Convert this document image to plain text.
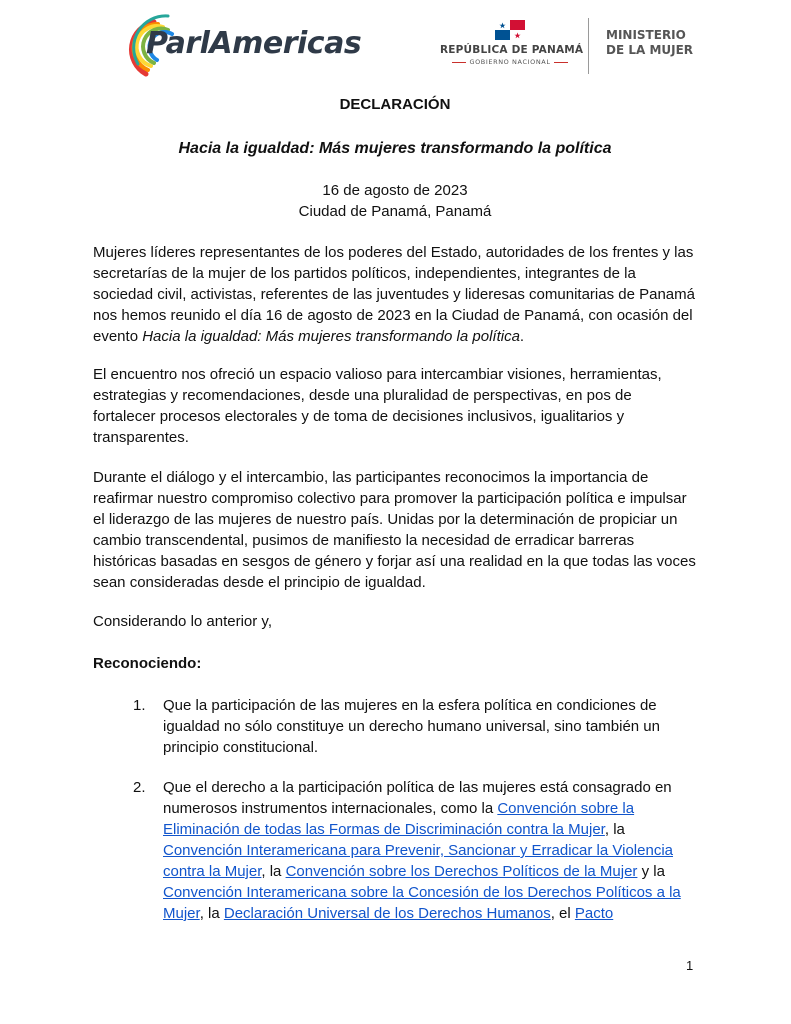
ParlAmericas	REPÚBLICA DE PANAMÁ
GOBIERNO NACIONAL
MINISTERIO
DE LA MUJER
DECLARACIÓN
Hacia la igualdad: Más mujeres transformando la política
16 de agosto de 2023
Ciudad de Panamá, Panamá

Mujeres líderes representantes de los poderes del Estado, autoridades de los frentes y las secretarías de la mujer de los partidos políticos, independientes, integrantes de la sociedad civil, activistas, referentes de las juventudes y lideresas comunitarias de Panamá nos hemos reunido el día 16 de agosto de 2023 en la Ciudad de Panamá, con ocasión del evento Hacia la igualdad: Más mujeres transformando la política.

El encuentro nos ofreció un espacio valioso para intercambiar visiones, herramientas, estrategias y recomendaciones, desde una pluralidad de perspectivas, en pos de fortalecer procesos electorales y de toma de decisiones inclusivos, igualitarios y transparentes.

Durante el diálogo y el intercambio, las participantes reconocimos la importancia de reafirmar nuestro compromiso colectivo para promover la participación política e impulsar el liderazgo de las mujeres de nuestro país. Unidas por la determinación de propiciar un cambio transcendental, pusimos de manifiesto la necesidad de erradicar barreras históricas basadas en sesgos de género y forjar así una realidad en la que todas las voces sean consideradas desde el principio de igualdad.

Considerando lo anterior y,

Reconociendo:

1. Que la participación de las mujeres en la esfera política en condiciones de igualdad no sólo constituye un derecho humano universal, sino también un principio constitucional.
2. Que el derecho a la participación política de las mujeres está consagrado en numerosos instrumentos internacionales, como la Convención sobre la Eliminación de todas las Formas de Discriminación contra la Mujer, la Convención Interamericana para Prevenir, Sancionar y Erradicar la Violencia contra la Mujer, la Convención sobre los Derechos Políticos de la Mujer y la Convención Interamericana sobre la Concesión de los Derechos Políticos a la Mujer, la Declaración Universal de los Derechos Humanos, el Pacto
1
